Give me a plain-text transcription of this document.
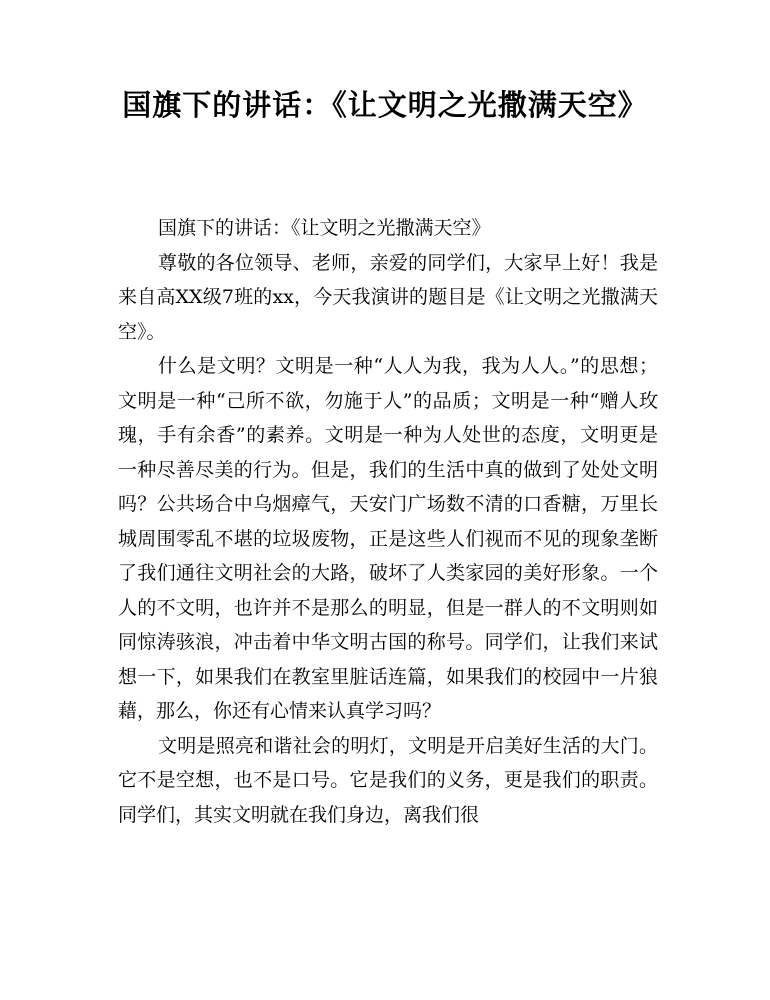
国旗下的讲话：《让文明之光撒满天空》

国旗下的讲话：《让文明之光撒满天空》

尊敬的各位领导、老师，亲爱的同学们，大家早上好！我是来自高XX级7班的xx，今天我演讲的题目是《让文明之光撒满天空》。

什么是文明？文明是一种“人人为我，我为人人。”的思想；文明是一种“己所不欲，勿施于人”的品质；文明是一种“赠人玫瑰，手有余香”的素养。文明是一种为人处世的态度，文明更是一种尽善尽美的行为。但是，我们的生活中真的做到了处处文明吗？公共场合中乌烟瘴气，天安门广场数不清的口香糖，万里长城周围零乱不堪的垃圾废物，正是这些人们视而不见的现象垄断了我们通往文明社会的大路，破坏了人类家园的美好形象。一个人的不文明，也许并不是那么的明显，但是一群人的不文明则如同惊涛骇浪，冲击着中华文明古国的称号。同学们，让我们来试想一下，如果我们在教室里脏话连篇，如果我们的校园中一片狼藉，那么，你还有心情来认真学习吗？

文明是照亮和谐社会的明灯，文明是开启美好生活的大门。它不是空想，也不是口号。它是我们的义务，更是我们的职责。同学们，其实文明就在我们身边，离我们很
